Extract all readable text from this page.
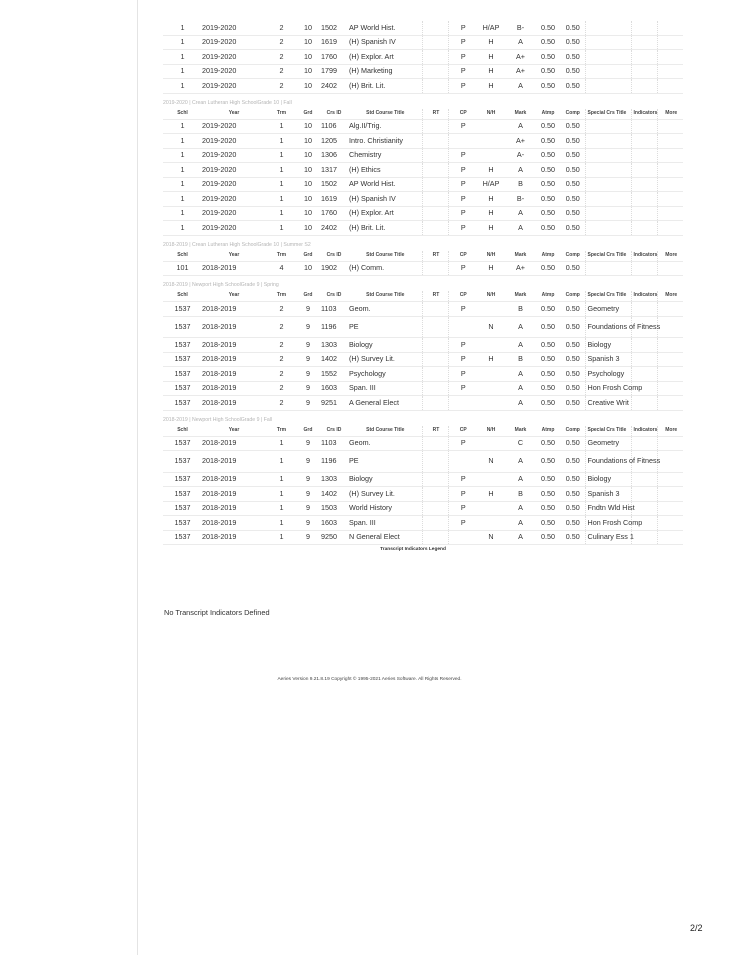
1	2019-2020	2	10	1502	AP World Hist.		P	H/AP	B-	0.50	0.50			
1	2019-2020	2	10	1619	(H) Spanish IV		P	H	A	0.50	0.50			
1	2019-2020	2	10	1760	(H) Explor. Art		P	H	A+	0.50	0.50			
1	2019-2020	2	10	1799	(H) Marketing		P	H	A+	0.50	0.50			
1	2019-2020	2	10	2402	(H) Brit. Lit.		P	H	A	0.50	0.50			
2019-2020 | Crean Lutheran High SchoolGrade 10 | Fall
Schl	Year	Trm	Grd	Crs ID	Std Course Title	RT	CP	N/H	Mark	Atmp	Comp	Special Crs Title	Indicators	More
1	2019-2020	1	10	1106	Alg.II/Trig.		P		A	0.50	0.50			
1	2019-2020	1	10	1205	Intro. Christianity				A+	0.50	0.50			
1	2019-2020	1	10	1306	Chemistry		P		A-	0.50	0.50			
1	2019-2020	1	10	1317	(H) Ethics		P	H	A	0.50	0.50			
1	2019-2020	1	10	1502	AP World Hist.		P	H/AP	B	0.50	0.50			
1	2019-2020	1	10	1619	(H) Spanish IV		P	H	B-	0.50	0.50			
1	2019-2020	1	10	1760	(H) Explor. Art		P	H	A	0.50	0.50			
1	2019-2020	1	10	2402	(H) Brit. Lit.		P	H	A	0.50	0.50			
2018-2019 | Crean Lutheran High SchoolGrade 10 | Summer S2
Schl	Year	Trm	Grd	Crs ID	Std Course Title	RT	CP	N/H	Mark	Atmp	Comp	Special Crs Title	Indicators	More
101	2018-2019	4	10	1902	(H) Comm.		P	H	A+	0.50	0.50			
2018-2019 | Newport High SchoolGrade 9 | Spring
Schl	Year	Trm	Grd	Crs ID	Std Course Title	RT	CP	N/H	Mark	Atmp	Comp	Special Crs Title	Indicators	More
1537	2018-2019	2	9	1103	Geom.		P		B	0.50	0.50	Geometry		
1537	2018-2019	2	9	1196	PE			N	A	0.50	0.50	Foundations of Fitness		
1537	2018-2019	2	9	1303	Biology		P		A	0.50	0.50	Biology		
1537	2018-2019	2	9	1402	(H) Survey Lit.		P	H	B	0.50	0.50	Spanish 3		
1537	2018-2019	2	9	1552	Psychology		P		A	0.50	0.50	Psychology		
1537	2018-2019	2	9	1603	Span. III		P		A	0.50	0.50	Hon Frosh Comp		
1537	2018-2019	2	9	9251	A General Elect				A	0.50	0.50	Creative Writ		
2018-2019 | Newport High SchoolGrade 9 | Fall
Schl	Year	Trm	Grd	Crs ID	Std Course Title	RT	CP	N/H	Mark	Atmp	Comp	Special Crs Title	Indicators	More
1537	2018-2019	1	9	1103	Geom.		P		C	0.50	0.50	Geometry		
1537	2018-2019	1	9	1196	PE			N	A	0.50	0.50	Foundations of Fitness		
1537	2018-2019	1	9	1303	Biology		P		A	0.50	0.50	Biology		
1537	2018-2019	1	9	1402	(H) Survey Lit.		P	H	B	0.50	0.50	Spanish 3		
1537	2018-2019	1	9	1503	World History		P		A	0.50	0.50	Fndtn Wld Hist		
1537	2018-2019	1	9	1603	Span. III		P		A	0.50	0.50	Hon Frosh Comp		
1537	2018-2019	1	9	9250	N General Elect			N	A	0.50	0.50	Culinary Ess 1		
Transcript Indicators Legend
No Transcript Indicators Defined
Aeries Version 9.21.8.19 Copyright © 1995-2021 Aeries Software. All Rights Reserved.
2/2
